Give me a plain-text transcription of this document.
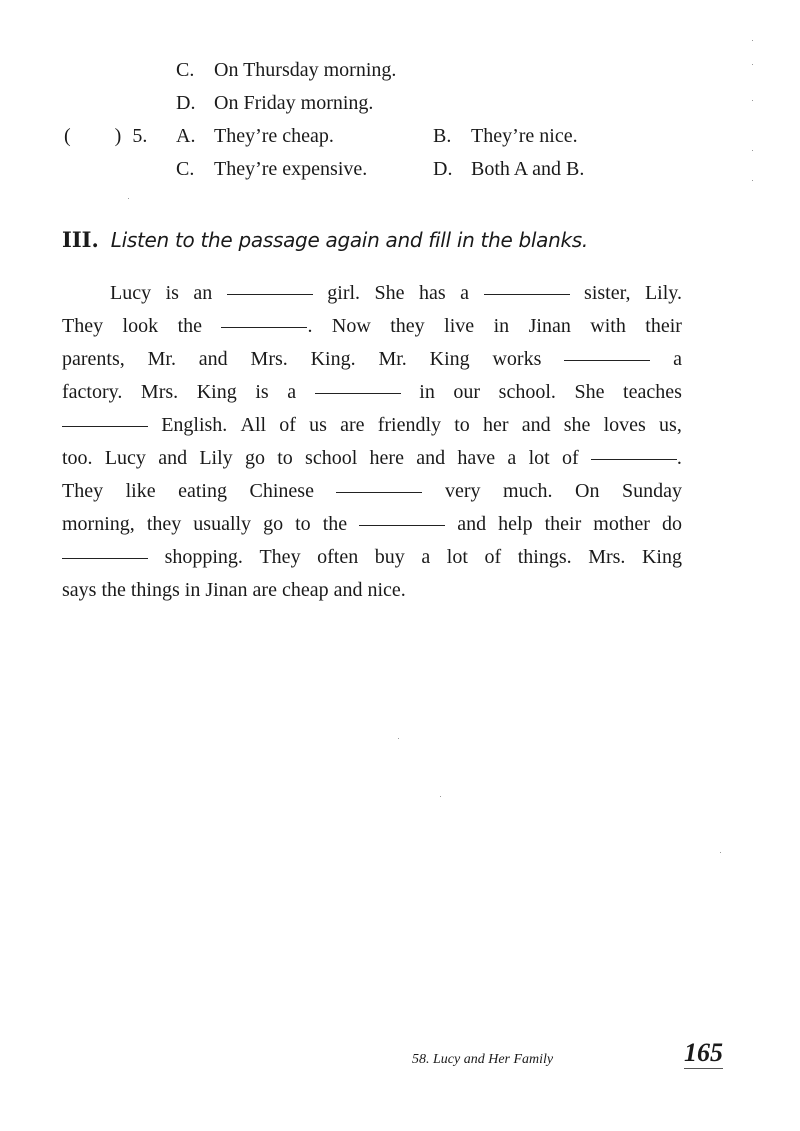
C. On Thursday morning.
D. On Friday morning.
( ) 5. A. They’re cheap.	B. They’re nice.
C. They’re expensive.	D. Both A and B.
III. Listen to the passage again and fill in the blanks.
Lucy is an	girl. She has a	sister, Lily.
They look the	. Now they live in Jinan with their
parents, Mr. and Mrs. King. Mr. King works	a
factory. Mrs. King is a	in our school. She teaches
English. All of us are friendly to her and she loves us,
too. Lucy and Lily go to school here and have a lot of	.
They like eating Chinese	very much. On Sunday
morning, they usually go to the	and help their mother do
shopping. They often buy a lot of things. Mrs. King
says the things in Jinan are cheap and nice.
58. Lucy and Her Family	165
